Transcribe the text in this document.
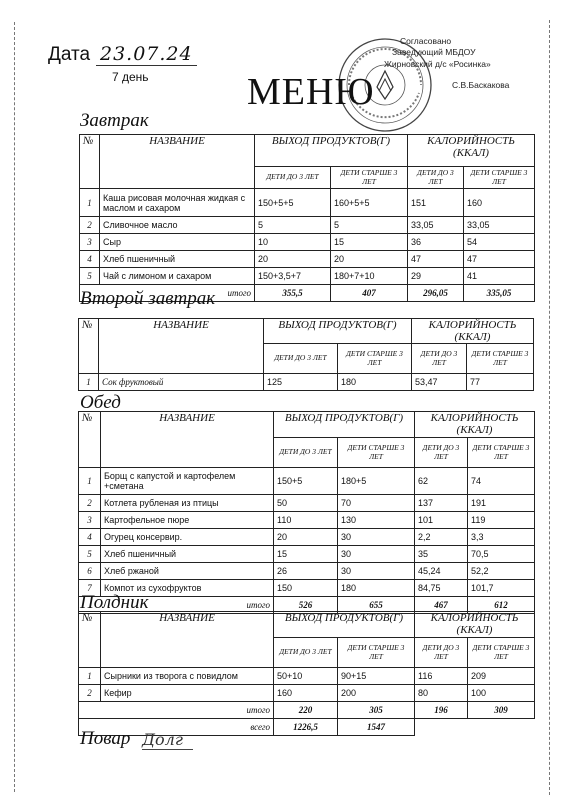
Дата 23.07.24
7 день	МЕНЮ
Согласовано
Заведующий МБДОУ
Жирновский д/с «Росинка»
С.В.Баскакова
Завтрак
№	НАЗВАНИЕ	ВЫХОД ПРОДУКТОВ(Г)		КАЛОРИЙНОСТЬ (ККАЛ)	
		ДЕТИ ДО 3 ЛЕТ	ДЕТИ СТАРШЕ 3 ЛЕТ	ДЕТИ ДО 3 ЛЕТ	ДЕТИ СТАРШЕ 3 ЛЕТ
1	Каша рисовая молочная жидкая с маслом и сахаром	150+5+5	160+5+5	151	160
2	Сливочное масло	5	5	33,05	33,05
3	Сыр	10	15	36	54
4	Хлеб пшеничный	20	20	47	47
5	Чай с лимоном и сахаром	150+3,5+7	180+7+10	29	41
итого		355,5	407	296,05	335,05
Второй завтрак
№	НАЗВАНИЕ	ВЫХОД ПРОДУКТОВ(Г)		КАЛОРИЙНОСТЬ (ККАЛ)	
		ДЕТИ ДО 3 ЛЕТ	ДЕТИ СТАРШЕ 3 ЛЕТ	ДЕТИ ДО 3 ЛЕТ	ДЕТИ СТАРШЕ 3 ЛЕТ
1	Сок фруктовый	125	180	53,47	77
Обед
№	НАЗВАНИЕ	ВЫХОД ПРОДУКТОВ(Г)		КАЛОРИЙНОСТЬ (ККАЛ)	
		ДЕТИ ДО 3 ЛЕТ	ДЕТИ СТАРШЕ 3 ЛЕТ	ДЕТИ ДО 3 ЛЕТ	ДЕТИ СТАРШЕ 3 ЛЕТ
1	Борщ с капустой и картофелем +сметана	150+5	180+5	62	74
2	Котлета рубленая из птицы	50	70	137	191
3	Картофельное пюре	110	130	101	119
4	Огурец консервир.	20	30	2,2	3,3
5	Хлеб пшеничный	15	30	35	70,5
6	Хлеб ржаной	26	30	45,24	52,2
7	Компот из сухофруктов	150	180	84,75	101,7
итого		526	655	467	612
Полдник
№	НАЗВАНИЕ	ВЫХОД ПРОДУКТОВ(Г)		КАЛОРИЙНОСТЬ (ККАЛ)	
		ДЕТИ ДО 3 ЛЕТ	ДЕТИ СТАРШЕ 3 ЛЕТ	ДЕТИ ДО 3 ЛЕТ	ДЕТИ СТАРШЕ 3 ЛЕТ
1	Сырники из творога с повидлом	50+10	90+15	116	209
2	Кефир	160	200	80	100
итого		220	305	196	309
всего		1226,5	1547		
Повар Долг
